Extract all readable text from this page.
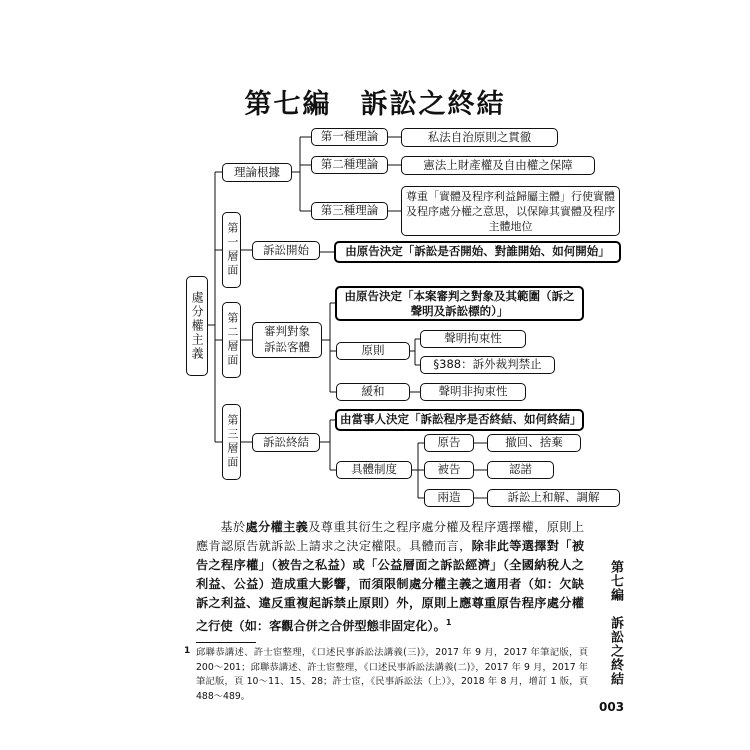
第七編　訴訟之終結
處分權主義
理論根據
第一種理論	私法自治原則之貫徹
第二種理論	憲法上財產權及自由權之保障
第三種理論
尊重「實體及程序利益歸屬主體」行使實體及程序處分權之意思，以保障其實體及程序主體地位
第一層面
第二層面
第三層面
訴訟開始	由原告決定「訴訟是否開始、對誰開始、如何開始」
審判對象
訴訟客體
由原告決定「本案審判之對象及其範圍（訴之聲明及訴訟標的）」
原則
聲明拘束性
§388：訴外裁判禁止
緩和	聲明非拘束性
訴訟終結
由當事人決定「訴訟程序是否終結、如何終結」
具體制度
原告	撤回、捨棄
被告	認諾
兩造	訴訟上和解、調解
基於處分權主義及尊重其衍生之程序處分權及程序選擇權，原則上應肯認原告就訴訟上請求之決定權限。具體而言，除非此等選擇對「被告之程序權」（被告之私益）或「公益層面之訴訟經濟」（全國納稅人之利益、公益）造成重大影響，而須限制處分權主義之適用者（如：欠缺訴之利益、違反重複起訴禁止原則）外，原則上應尊重原告程序處分權之行使（如：客觀合併之合併型態非固定化）。$^1$
1 邱聯恭講述、許士宦整理，《口述民事訴訟法講義(三)》，2017 年 9 月，2017 年筆記版，頁 200～201；邱聯恭講述、許士宦整理，《口述民事訴訟法講義(二)》，2017 年 9 月，2017 年筆記版，頁 10～11、15、28；許士宦，《民事訴訟法（上）》，2018 年 8 月，增訂 1 版，頁 488～489。
第七編　訴訟之終結
003
